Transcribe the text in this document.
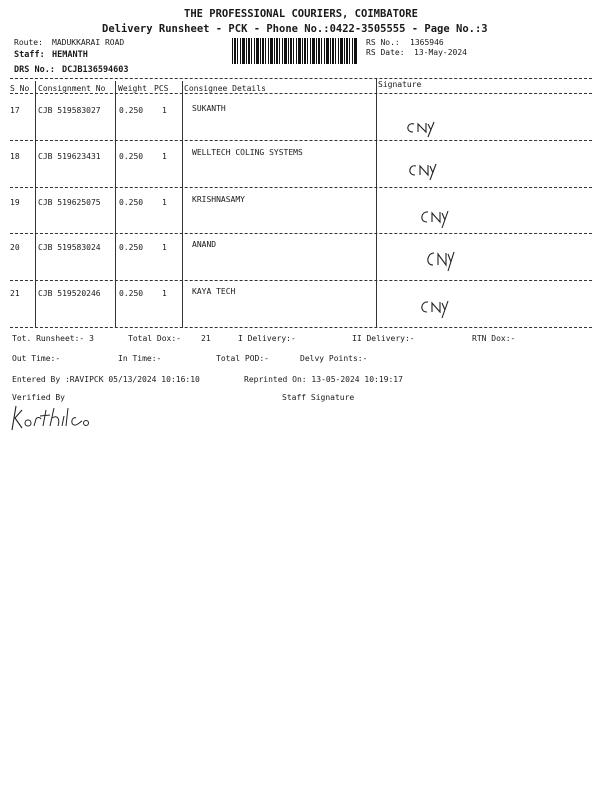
THE PROFESSIONAL COURIERS, COIMBATORE
Delivery Runsheet - PCK - Phone No.:0422-3505555 - Page No.:3
Route: MADUKKARAI ROAD
Staff: HEMANTH
DRS No.: DCJB136594603
RS No.: 1365946
RS Date: 13-May-2024
S No Consignment No Weight PCS Consignee Details	Signature
17 CJB 519583027 0.250 1	SUKANTH
18 CJB 519623431 0.250 1	WELLTECH COLING SYSTEMS
19 CJB 519625075 0.250 1	KRISHNASAMY
20 CJB 519583024 0.250 1	ANAND
21 CJB 519520246 0.250 1	KAYA TECH
Tot. Runsheet:- 3	Total Dox:-	21	I Delivery:-	II Delivery:-	RTN Dox:-
Out Time:-	In Time:-	Total POD:-	Delvy Points:-
Entered By :RAVIPCK 05/13/2024 10:16:10	Reprinted On: 13-05-2024 10:19:17
Verified By	Staff Signature
